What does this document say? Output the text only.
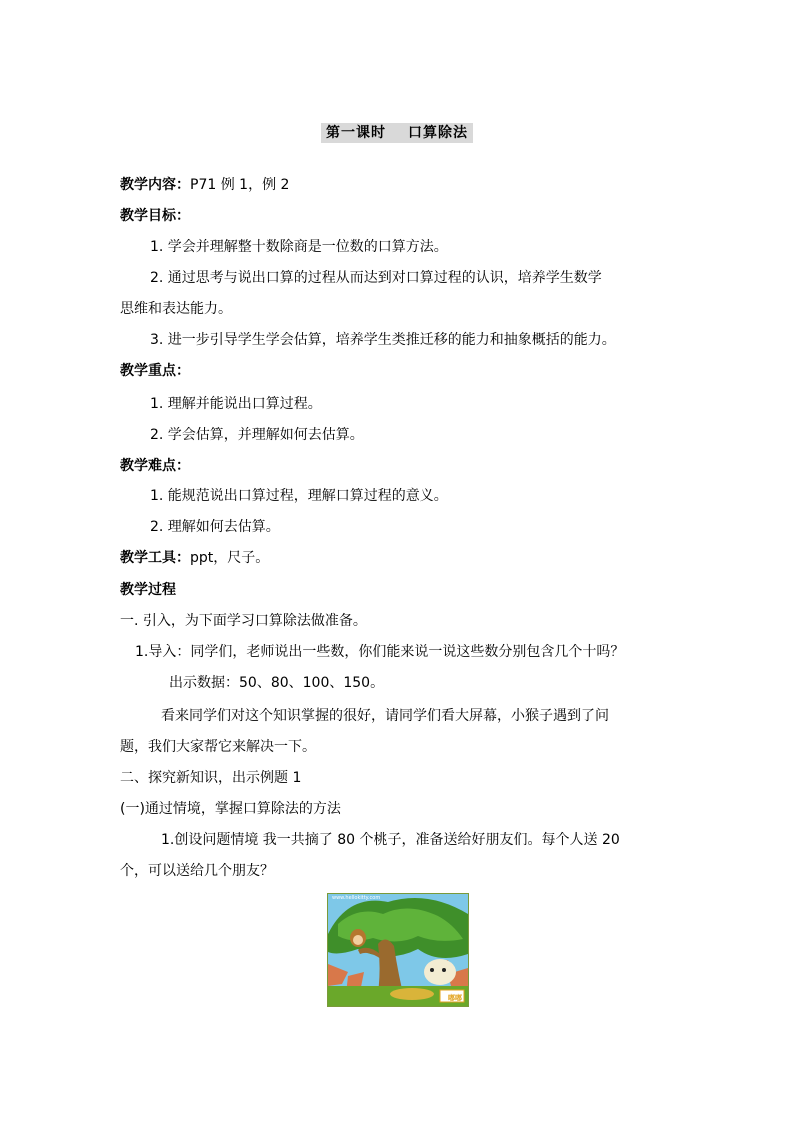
第一课时 口算除法
教学内容：P71 例 1，例 2
教学目标：
1. 学会并理解整十数除商是一位数的口算方法。
2. 通过思考与说出口算的过程从而达到对口算过程的认识，培养学生数学
思维和表达能力。
3. 进一步引导学生学会估算，培养学生类推迁移的能力和抽象概括的能力。
教学重点：
1. 理解并能说出口算过程。
2. 学会估算，并理解如何去估算。
教学难点：
1. 能规范说出口算过程，理解口算过程的意义。
2. 理解如何去估算。
教学工具：ppt，尺子。
教学过程
一. 引入，为下面学习口算除法做准备。
1.导入：同学们，老师说出一些数，你们能来说一说这些数分别包含几个十吗？
出示数据：50、80、100、150。
看来同学们对这个知识掌握的很好，请同学们看大屏幕，小猴子遇到了问
题，我们大家帮它来解决一下。
二、探究新知识，出示例题 1
(一)通过情境，掌握口算除法的方法
1.创设问题情境 我一共摘了 80 个桃子，准备送给好朋友们。每个人送 20
个，可以送给几个朋友？
www.hellokitty.com
嘟嘟
